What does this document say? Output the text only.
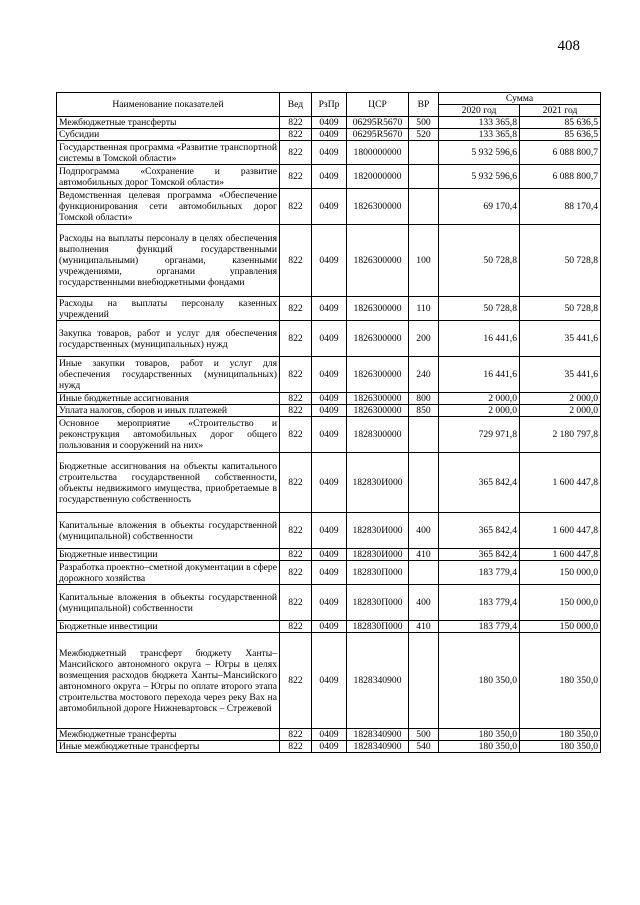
408
Наименование показателей	Вед	РзПр	ЦСР	ВР	Сумма	
					2020 год	2021 год
Межбюджетные трансферты	822	0409	06295R5670	500	133 365,8	85 636,5
Субсидии	822	0409	06295R5670	520	133 365,8	85 636,5
Государственная программа «Развитие транспортной системы в Томской области»	822	0409	1800000000		5 932 596,6	6 088 800,7
Подпрограмма «Сохранение и развитие автомобильных дорог Томской области»	822	0409	1820000000		5 932 596,6	6 088 800,7
Ведомственная целевая программа «Обеспечение функционирования сети автомобильных дорог Томской области»	822	0409	1826300000		69 170,4	88 170,4
Расходы на выплаты персоналу в целях обеспечения выполнения функций государственными (муниципальными) органами, казенными учреждениями, органами управления государственными внебюджетными фондами	822	0409	1826300000	100	50 728,8	50 728,8
Расходы на выплаты персоналу казенных учреждений	822	0409	1826300000	110	50 728,8	50 728,8
Закупка товаров, работ и услуг для обеспечения государственных (муниципальных) нужд	822	0409	1826300000	200	16 441,6	35 441,6
Иные закупки товаров, работ и услуг для обеспечения государственных (муниципальных) нужд	822	0409	1826300000	240	16 441,6	35 441,6
Иные бюджетные ассигнования	822	0409	1826300000	800	2 000,0	2 000,0
Уплата налогов, сборов и иных платежей	822	0409	1826300000	850	2 000,0	2 000,0
Основное мероприятие «Строительство и реконструкция автомобильных дорог общего пользования и сооружений на них»	822	0409	1828300000		729 971,8	2 180 797,8
Бюджетные ассигнования на объекты капитального строительства государственной собственности, объекты недвижимого имущества, приобретаемые в государственную собственность	822	0409	182830И000		365 842,4	1 600 447,8
Капитальные вложения в объекты государственной (муниципальной) собственности	822	0409	182830И000	400	365 842,4	1 600 447,8
Бюджетные инвестиции	822	0409	182830И000	410	365 842,4	1 600 447,8
Разработка проектно–сметной документации в сфере дорожного хозяйства	822	0409	182830П000		183 779,4	150 000,0
Капитальные вложения в объекты государственной (муниципальной) собственности	822	0409	182830П000	400	183 779,4	150 000,0
Бюджетные инвестиции	822	0409	182830П000	410	183 779,4	150 000,0
Межбюджетный трансферт бюджету Ханты–Мансийского автономного округа – Югры в целях возмещения расходов бюджета Ханты–Мансийского автономного округа – Югры по оплате второго этапа строительства мостового перехода через реку Вах на автомобильной дороге Нижневартовск – Стрежевой	822	0409	1828340900		180 350,0	180 350,0
Межбюджетные трансферты	822	0409	1828340900	500	180 350,0	180 350,0
Иные межбюджетные трансферты	822	0409	1828340900	540	180 350,0	180 350,0
